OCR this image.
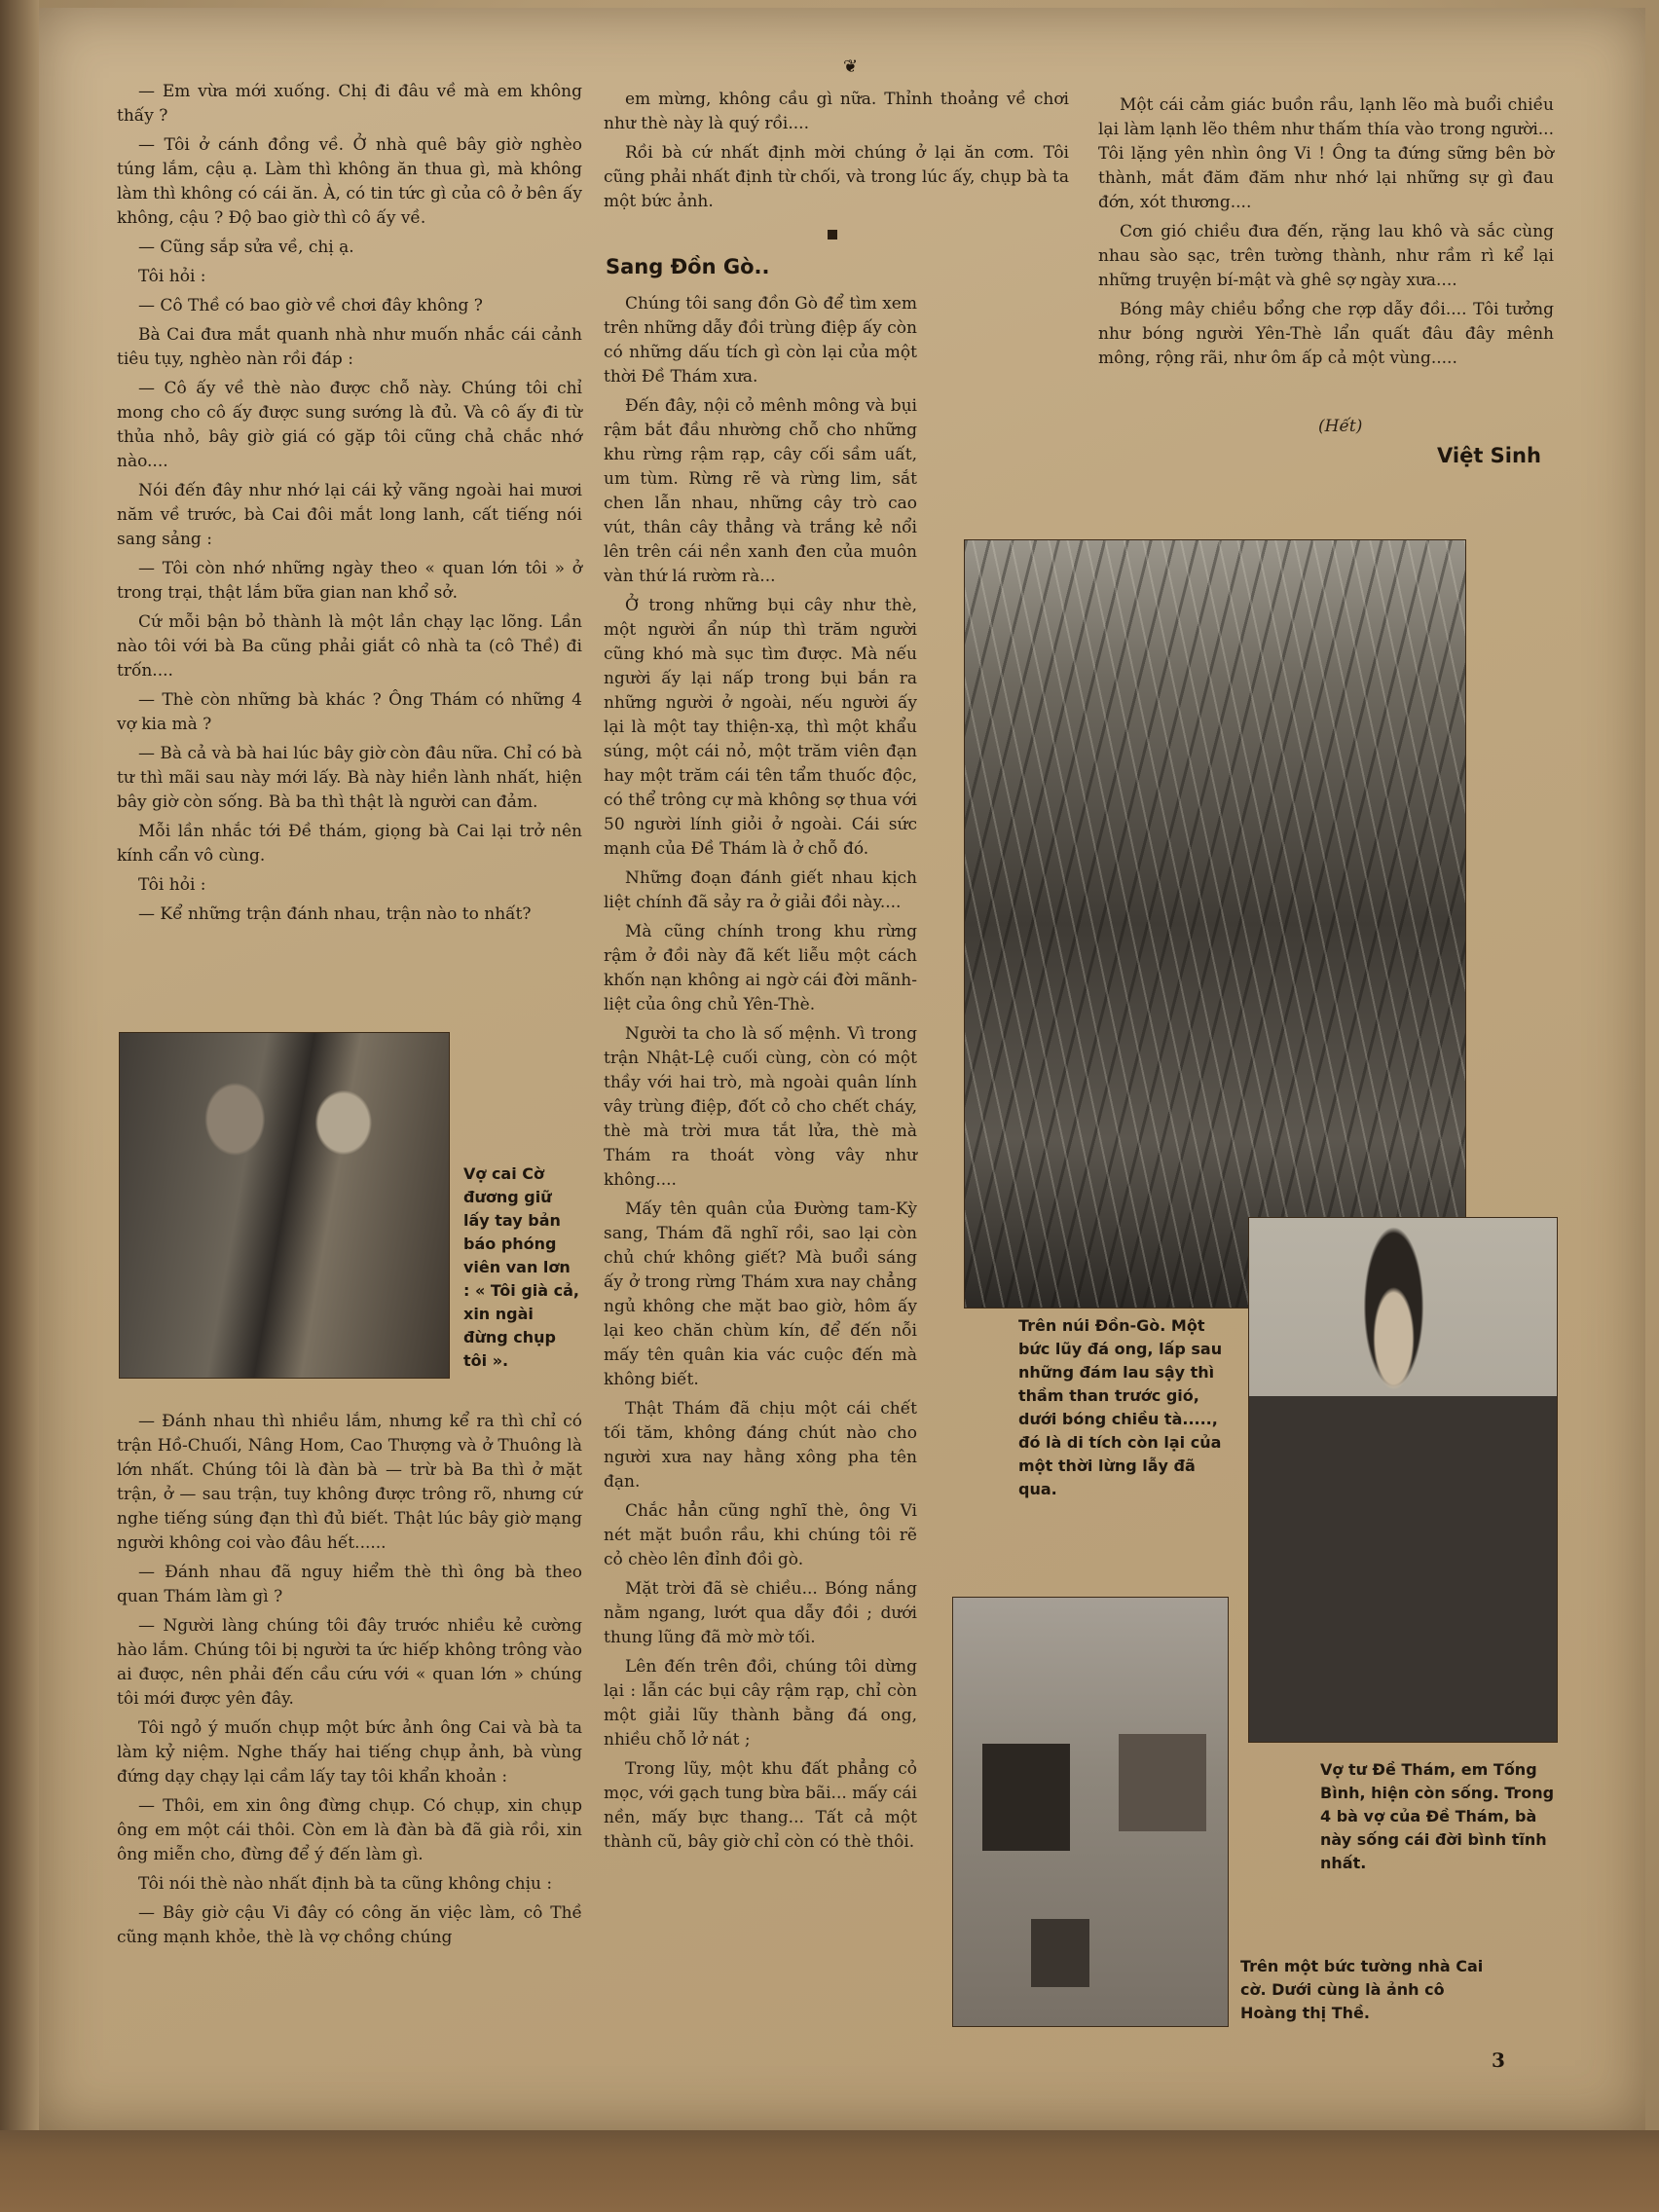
❦

— Em vừa mới xuống. Chị đi đâu về mà em không thấy ?

— Tôi ở cánh đồng về. Ở nhà quê bây giờ nghèo túng lắm, cậu ạ. Làm thì không ăn thua gì, mà không làm thì không có cái ăn. À, có tin tức gì của cô ở bên ấy không, cậu ? Độ bao giờ thì cô ấy về.

— Cũng sắp sửa về, chị ạ.

Tôi hỏi :

— Cô Thề có bao giờ về chơi đây không ?

Bà Cai đưa mắt quanh nhà như muốn nhắc cái cảnh tiêu tụy, nghèo nàn rồi đáp :

— Cô ấy về thè nào được chỗ này. Chúng tôi chỉ mong cho cô ấy được sung sướng là đủ. Và cô ấy đi từ thủa nhỏ, bây giờ giá có gặp tôi cũng chả chắc nhớ nào....

Nói đến đây như nhớ lại cái kỷ vãng ngoài hai mươi năm về trước, bà Cai đôi mắt long lanh, cất tiếng nói sang sảng :

— Tôi còn nhớ những ngày theo « quan lớn tôi » ở trong trại, thật lắm bữa gian nan khổ sở.

Cứ mỗi bận bỏ thành là một lần chạy lạc lõng. Lần nào tôi với bà Ba cũng phải giắt cô nhà ta (cô Thề) đi trốn....

— Thè còn những bà khác ? Ông Thám có những 4 vợ kia mà ?

— Bà cả và bà hai lúc bây giờ còn đâu nữa. Chỉ có bà tư thì mãi sau này mới lấy. Bà này hiền lành nhất, hiện bây giờ còn sống. Bà ba thì thật là người can đảm.

Mỗi lần nhắc tới Đề thám, giọng bà Cai lại trở nên kính cẩn vô cùng.

Tôi hỏi :

— Kể những trận đánh nhau, trận nào to nhất?

— Đánh nhau thì nhiều lắm, nhưng kể ra thì chỉ có trận Hồ-Chuối, Nâng Hom, Cao Thượng và ở Thuông là lớn nhất. Chúng tôi là đàn bà — trừ bà Ba thì ở mặt trận, ở — sau trận, tuy không được trông rõ, nhưng cứ nghe tiếng súng đạn thì đủ biết. Thật lúc bây giờ mạng người không coi vào đâu hết......

— Đánh nhau đã nguy hiểm thè thì ông bà theo quan Thám làm gì ?

— Người làng chúng tôi đây trước nhiều kẻ cường hào lắm. Chúng tôi bị người ta ức hiếp không trông vào ai được, nên phải đến cầu cứu với « quan lớn » chúng tôi mới được yên đây.

Tôi ngỏ ý muốn chụp một bức ảnh ông Cai và bà ta làm kỷ niệm. Nghe thấy hai tiếng chụp ảnh, bà vùng đứng dạy chạy lại cầm lấy tay tôi khẩn khoản :

— Thôi, em xin ông đừng chụp. Có chụp, xin chụp ông em một cái thôi. Còn em là đàn bà đã già rồi, xin ông miễn cho, đừng để ý đến làm gì.

Tôi nói thè nào nhất định bà ta cũng không chịu :

— Bây giờ cậu Vi đây có công ăn việc làm, cô Thề cũng mạnh khỏe, thè là vợ chồng chúng

em mừng, không cầu gì nữa. Thỉnh thoảng về chơi như thè này là quý rồi....

Rồi bà cứ nhất định mời chúng ở lại ăn cơm. Tôi cũng phải nhất định từ chối, và trong lúc ấy, chụp bà ta một bức ảnh.

Sang Đồn Gò..

Chúng tôi sang đồn Gò để tìm xem trên những dẫy đồi trùng điệp ấy còn có những dấu tích gì còn lại của một thời Đề Thám xưa.

Đến đây, nội cỏ mênh mông và bụi rậm bắt đầu nhường chỗ cho những khu rừng rậm rạp, cây cối sầm uất, um tùm. Rừng rẽ và rừng lim, sắt chen lẫn nhau, những cây trò cao vút, thân cây thẳng và trắng kẻ nổi lên trên cái nền xanh đen của muôn vàn thứ lá rườm rà...

Ở trong những bụi cây như thè, một người ẩn núp thì trăm người cũng khó mà sục tìm được. Mà nếu người ấy lại nấp trong bụi bắn ra những người ở ngoài, nếu người ấy lại là một tay thiện-xạ, thì một khẩu súng, một cái nỏ, một trăm viên đạn hay một trăm cái tên tẩm thuốc độc, có thể trông cự mà không sợ thua với 50 người lính giỏi ở ngoài. Cái sức mạnh của Đề Thám là ở chỗ đó.

Những đoạn đánh giết nhau kịch liệt chính đã sảy ra ở giải đồi này....

Mà cũng chính trong khu rừng rậm ở đồi này đã kết liễu một cách khốn nạn không ai ngờ cái đời mãnh-liệt của ông chủ Yên-Thè.

Người ta cho là số mệnh. Vì trong trận Nhật-Lệ cuối cùng, còn có một thầy với hai trò, mà ngoài quân lính vây trùng điệp, đốt cỏ cho chết cháy, thè mà trời mưa tắt lửa, thè mà Thám ra thoát vòng vây như không....

Mấy tên quân của Đường tam-Kỳ sang, Thám đã nghĩ rồi, sao lại còn chủ chứ không giết? Mà buổi sáng ấy ở trong rừng Thám xưa nay chẳng ngủ không che mặt bao giờ, hôm ấy lại keo chăn chùm kín, để đến nỗi mấy tên quân kia vác cuộc đến mà không biết.

Thật Thám đã chịu một cái chết tối tăm, không đáng chút nào cho người xưa nay hằng xông pha tên đạn.

Chắc hẳn cũng nghĩ thè, ông Vi nét mặt buồn rầu, khi chúng tôi rẽ cỏ chèo lên đỉnh đồi gò.

Mặt trời đã sè chiều... Bóng nắng nằm ngang, lướt qua dẫy đồi ; dưới thung lũng đã mờ mờ tối.

Lên đến trên đồi, chúng tôi dừng lại : lẫn các bụi cây rậm rạp, chỉ còn một giải lũy thành bằng đá ong, nhiều chỗ lở nát ;

Trong lũy, một khu đất phẳng cỏ mọc, với gạch tung bừa bãi... mấy cái nền, mấy bực thang... Tất cả một thành cũ, bây giờ chỉ còn có thè thôi.

Một cái cảm giác buồn rầu, lạnh lẽo mà buổi chiều lại làm lạnh lẽo thêm như thấm thía vào trong người... Tôi lặng yên nhìn ông Vi ! Ông ta đứng sững bên bờ thành, mắt đăm đăm như nhớ lại những sự gì đau đớn, xót thương....

Cơn gió chiều đưa đến, rặng lau khô và sắc cùng nhau sào sạc, trên tường thành, như rầm rì kể lại những truyện bí-mật và ghê sợ ngày xưa....

Bóng mây chiều bổng che rợp dẫy đồi.... Tôi tưởng như bóng người Yên-Thè lẩn quất đâu đây mênh mông, rộng rãi, như ôm ấp cả một vùng.....

(Hết)
Việt Sinh
Vợ cai Cờ đương giữ lấy tay bản báo phóng viên van lơn : « Tôi già cả, xin ngài đừng chụp tôi ».
Trên núi Đồn-Gò. Một bức lũy đá ong, lấp sau những đám lau sậy thì thầm than trước gió, dưới bóng chiều tà....., đó là di tích còn lại của một thời lừng lẫy đã qua.
Vợ tư Đề Thám, em Tống Bình, hiện còn sống. Trong 4 bà vợ của Đề Thám, bà này sống cái đời bình tĩnh nhất.
Trên một bức tường nhà Cai cờ. Dưới cùng là ảnh cô Hoàng thị Thề.
3
